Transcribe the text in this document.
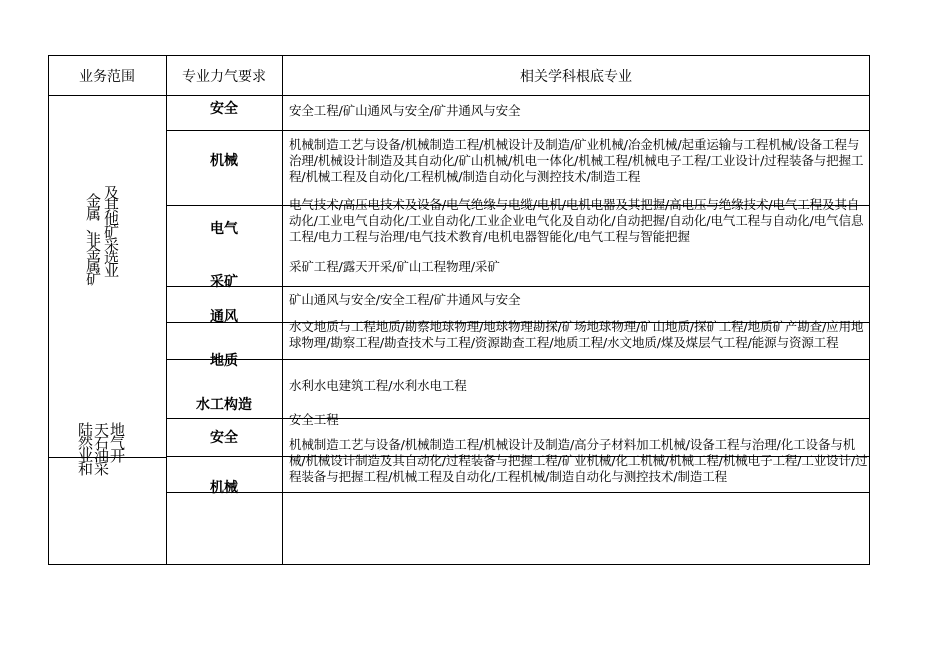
业务范围	专业力气要求	相关学科根底专业
金
属
、
非
金
属
矿
及
其
他
矿
采
选
业
陆
然
业
和
天
石
油
采
地
气
开
安全
机械
电气
采矿
通风
地质
水工构造
安全
机械
安全工程/矿山通风与安全/矿井通风与安全
机械制造工艺与设备/机械制造工程/机械设计及制造/矿业机械/冶金机械/起重运输与工程机械/设备工程与治理/机械设计制造及其自动化/矿山机械/机电一体化/机械工程/机械电子工程/工业设计/过程装备与把握工程/机械工程及自动化/工程机械/制造自动化与测控技术/制造工程
电气技术/高压电技术及设备/电气绝缘与电缆/电机/电机电器及其把握/高电压与绝缘技术/电气工程及其自动化/工业电气自动化/工业自动化/工业企业电气化及自动化/自动把握/自动化/电气工程与自动化/电气信息工程/电力工程与治理/电气技术教育/电机电器智能化/电气工程与智能把握
采矿工程/露天开采/矿山工程物理/采矿
矿山通风与安全/安全工程/矿井通风与安全
水文地质与工程地质/勘察地球物理/地球物理勘探/矿场地球物理/矿山地质/探矿工程/地质矿产勘查/应用地球物理/勘察工程/勘查技术与工程/资源勘查工程/地质工程/水文地质/煤及煤层气工程/能源与资源工程
水利水电建筑工程/水利水电工程
安全工程
机械制造工艺与设备/机械制造工程/机械设计及制造/高分子材料加工机械/设备工程与治理/化工设备与机械/机械设计制造及其自动化/过程装备与把握工程/矿业机械/化工机械/机械工程/机械电子工程/工业设计/过程装备与把握工程/机械工程及自动化/工程机械/制造自动化与测控技术/制造工程
